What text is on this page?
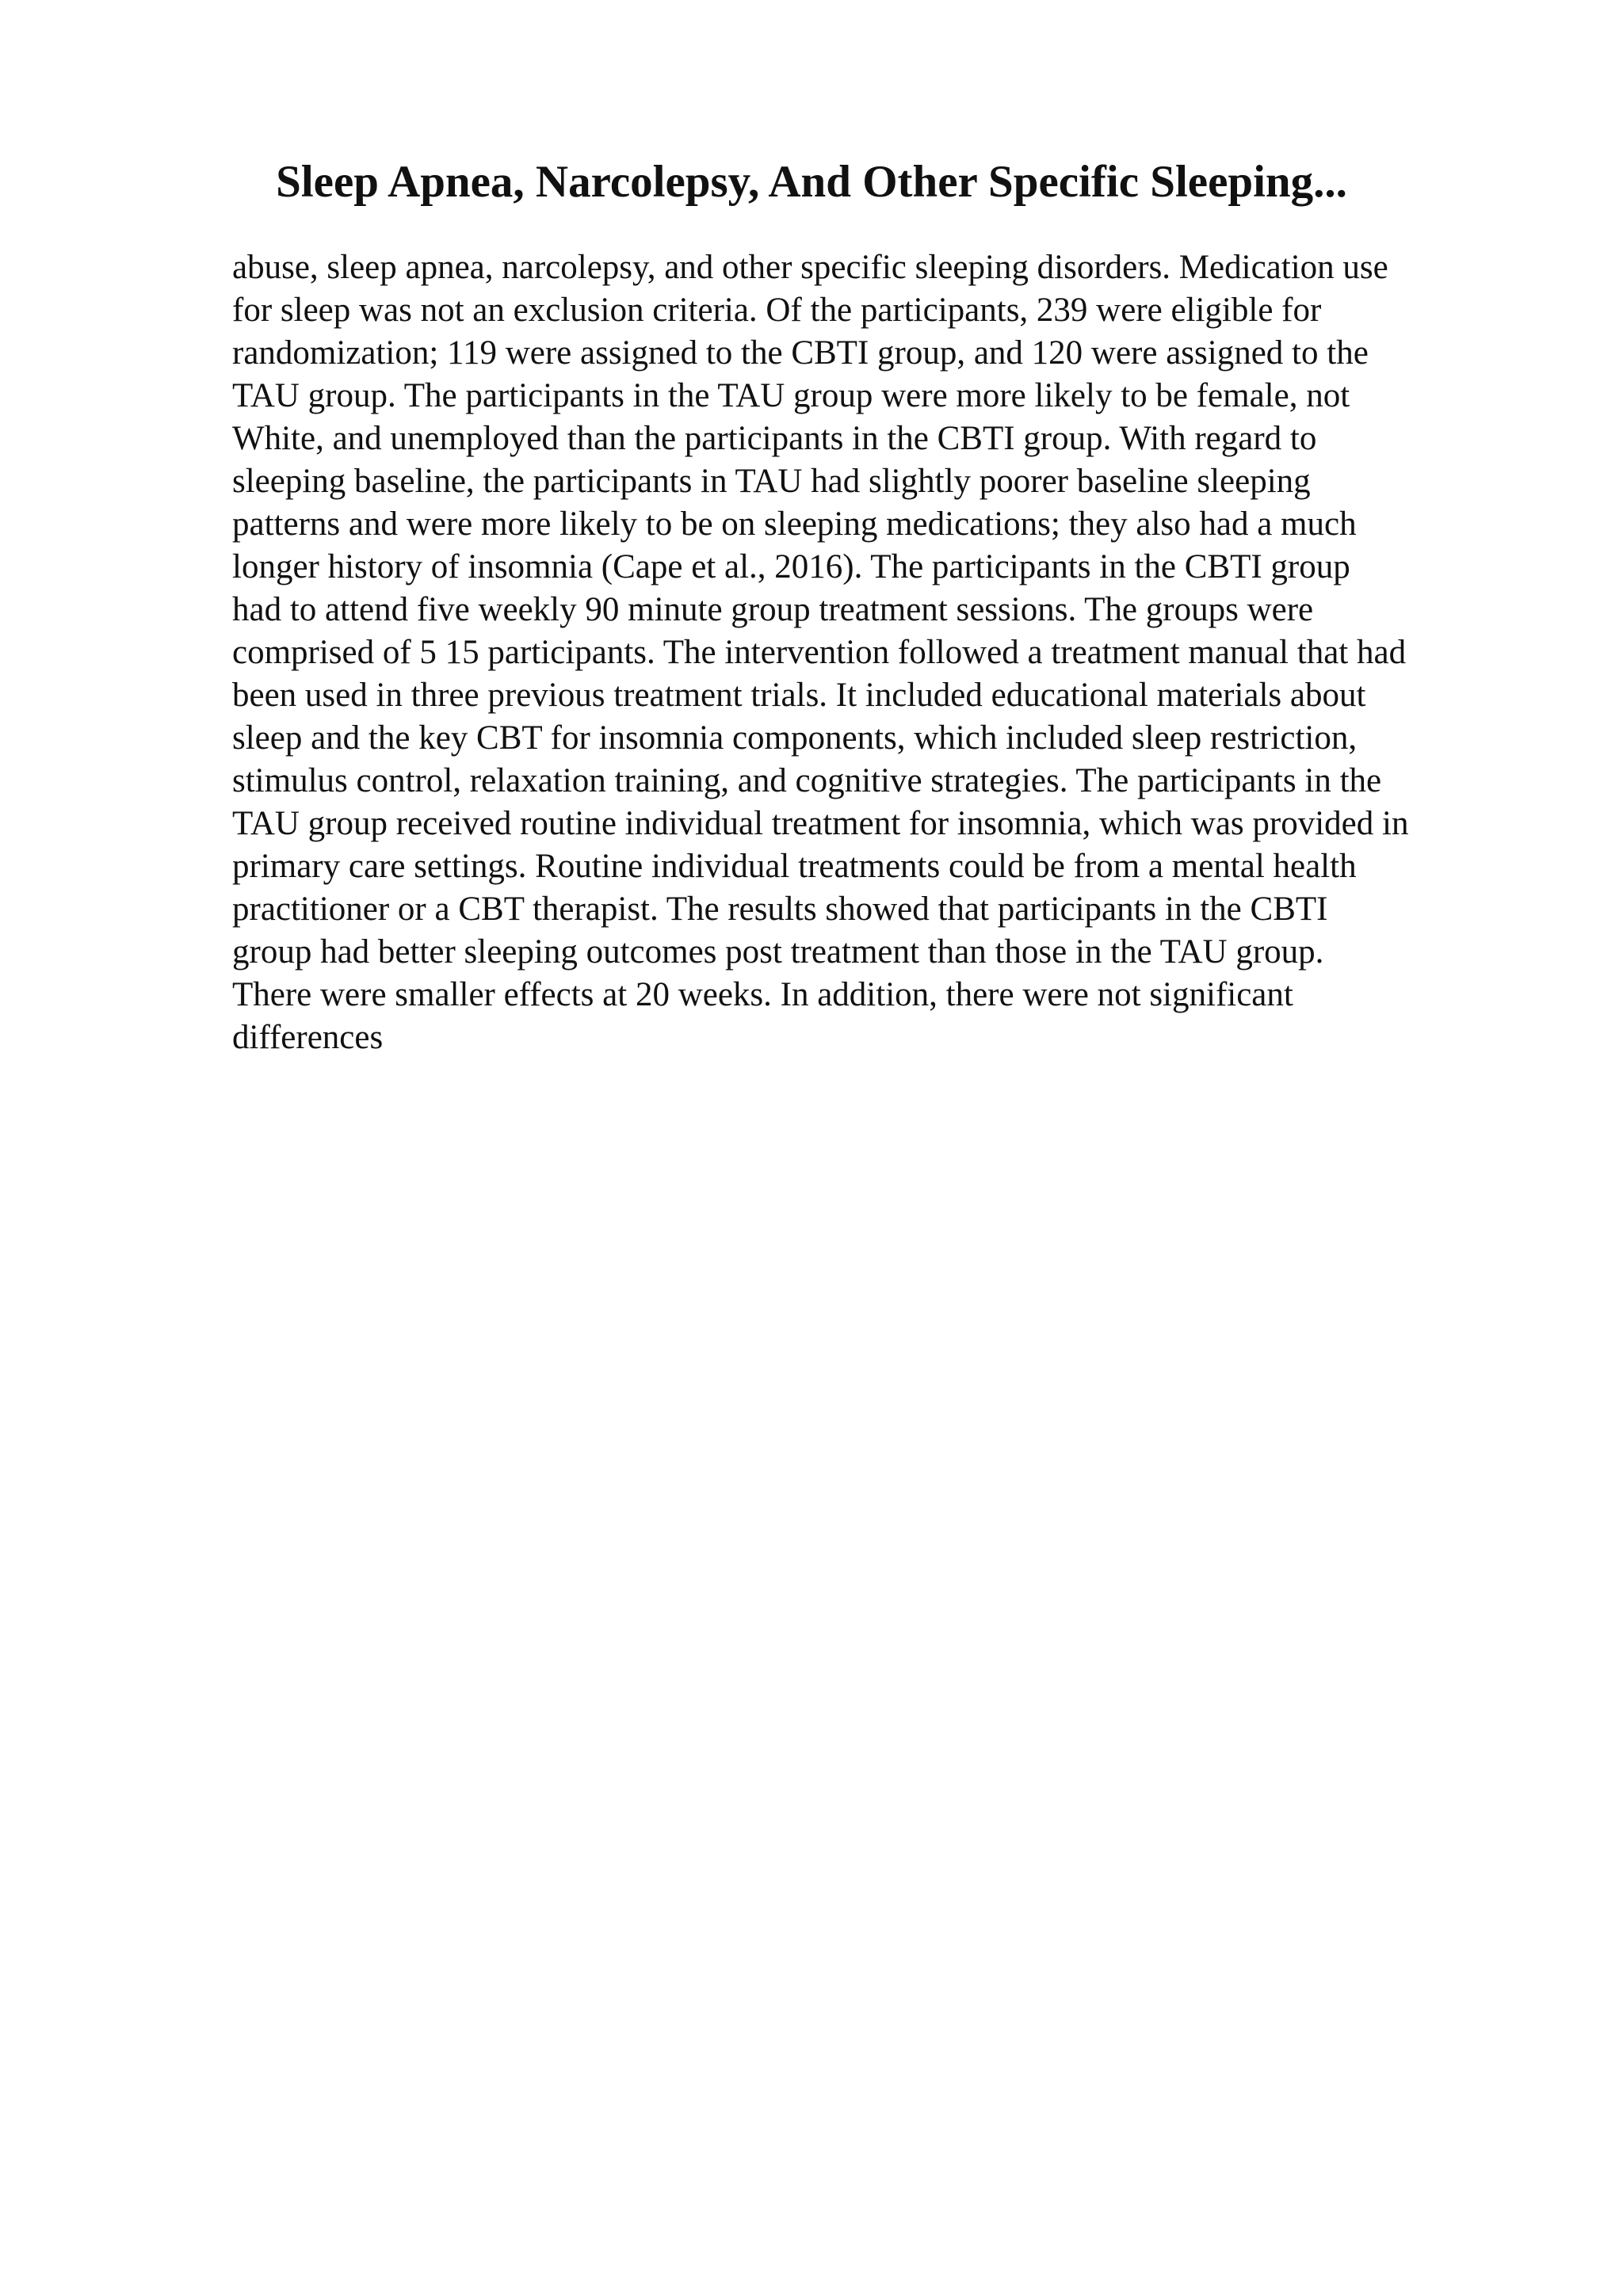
Sleep Apnea, Narcolepsy, And Other Specific Sleeping...
abuse, sleep apnea, narcolepsy, and other specific sleeping disorders. Medication use
for sleep was not an exclusion criteria. Of the participants, 239 were eligible for
randomization; 119 were assigned to the CBTI group, and 120 were assigned to the
TAU group. The participants in the TAU group were more likely to be female, not
White, and unemployed than the participants in the CBTI group. With regard to
sleeping baseline, the participants in TAU had slightly poorer baseline sleeping
patterns and were more likely to be on sleeping medications; they also had a much
longer history of insomnia (Cape et al., 2016). The participants in the CBTI group
had to attend five weekly 90 minute group treatment sessions. The groups were
comprised of 5 15 participants. The intervention followed a treatment manual that had
been used in three previous treatment trials. It included educational materials about
sleep and the key CBT for insomnia components, which included sleep restriction,
stimulus control, relaxation training, and cognitive strategies. The participants in the
TAU group received routine individual treatment for insomnia, which was provided in
primary care settings. Routine individual treatments could be from a mental health
practitioner or a CBT therapist. The results showed that participants in the CBTI
group had better sleeping outcomes post treatment than those in the TAU group.
There were smaller effects at 20 weeks. In addition, there were not significant
differences
